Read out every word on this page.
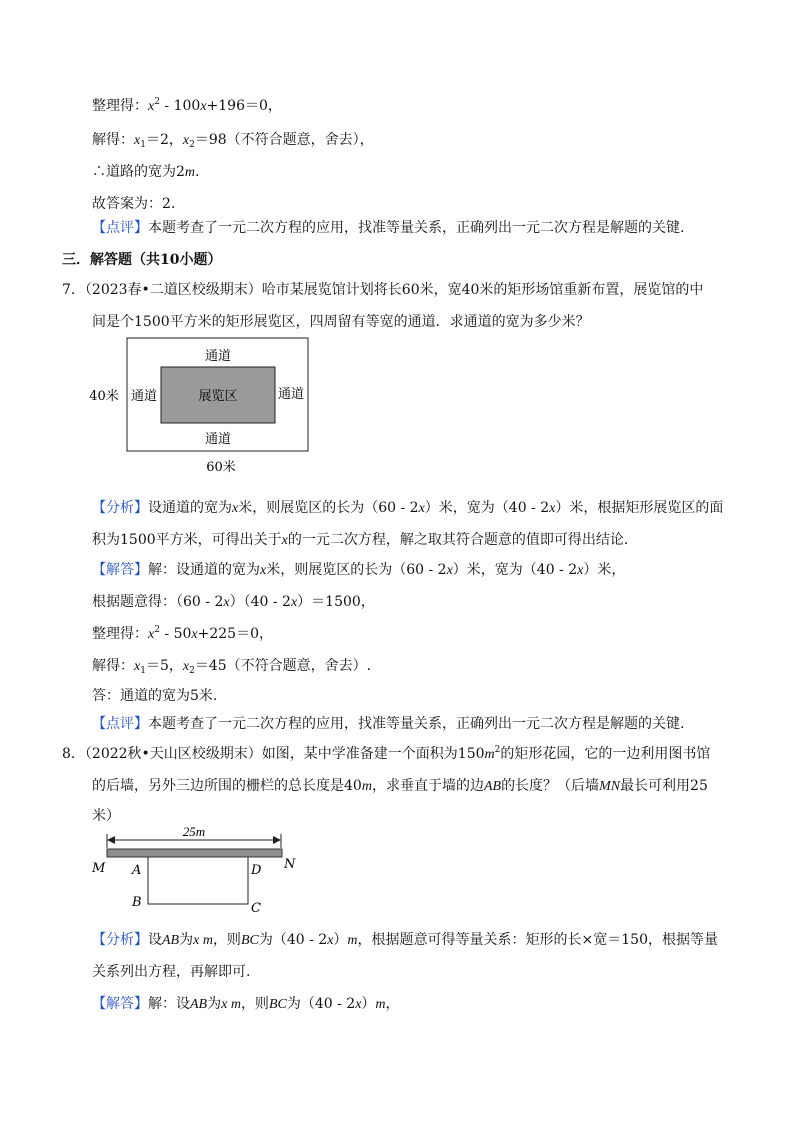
整理得：$x^2 - 100x+196=0$，
解得：$x_1=2$，$x_2=98$（不符合题意，舍去），
∴道路的宽为2m.
故答案为：2.
【点评】本题考查了一元二次方程的应用，找准等量关系，正确列出一元二次方程是解题的关键.
三．解答题（共10小题）
7．（2023春•二道区校级期末）哈市某展览馆计划将长60米，宽40米的矩形场馆重新布置，展览馆的中
间是个1500平方米的矩形展览区，四周留有等宽的通道．求通道的宽为多少米？
通道
通道
通道	通道
展览区
40米
60米
【分析】设通道的宽为x米，则展览区的长为（60 - 2x）米，宽为（40 - 2x）米，根据矩形展览区的面
积为1500平方米，可得出关于x的一元二次方程，解之取其符合题意的值即可得出结论.
【解答】解：设通道的宽为x米，则展览区的长为（60 - 2x）米，宽为（40 - 2x）米，
根据题意得：（60 - 2x）（40 - 2x）＝1500，
整理得：$x^2 - 50x+225=0$，
解得：$x_1=5$，$x_2=45$（不符合题意，舍去）.
答：通道的宽为5米.
【点评】本题考查了一元二次方程的应用，找准等量关系，正确列出一元二次方程是解题的关键.
8．（2022秋•天山区校级期末）如图，某中学准备建一个面积为$150m^2$的矩形花园，它的一边利用图书馆
的后墙，另外三边所围的栅栏的总长度是40m，求垂直于墙的边AB的长度？（后墙MN最长可利用25
米）
25m
M	N
A	D
B	C
【分析】设AB为x m，则BC为（40 - 2x）m，根据题意可得等量关系：矩形的长×宽＝150，根据等量
关系列出方程，再解即可.
【解答】解：设AB为x m，则BC为（40 - 2x）m，
